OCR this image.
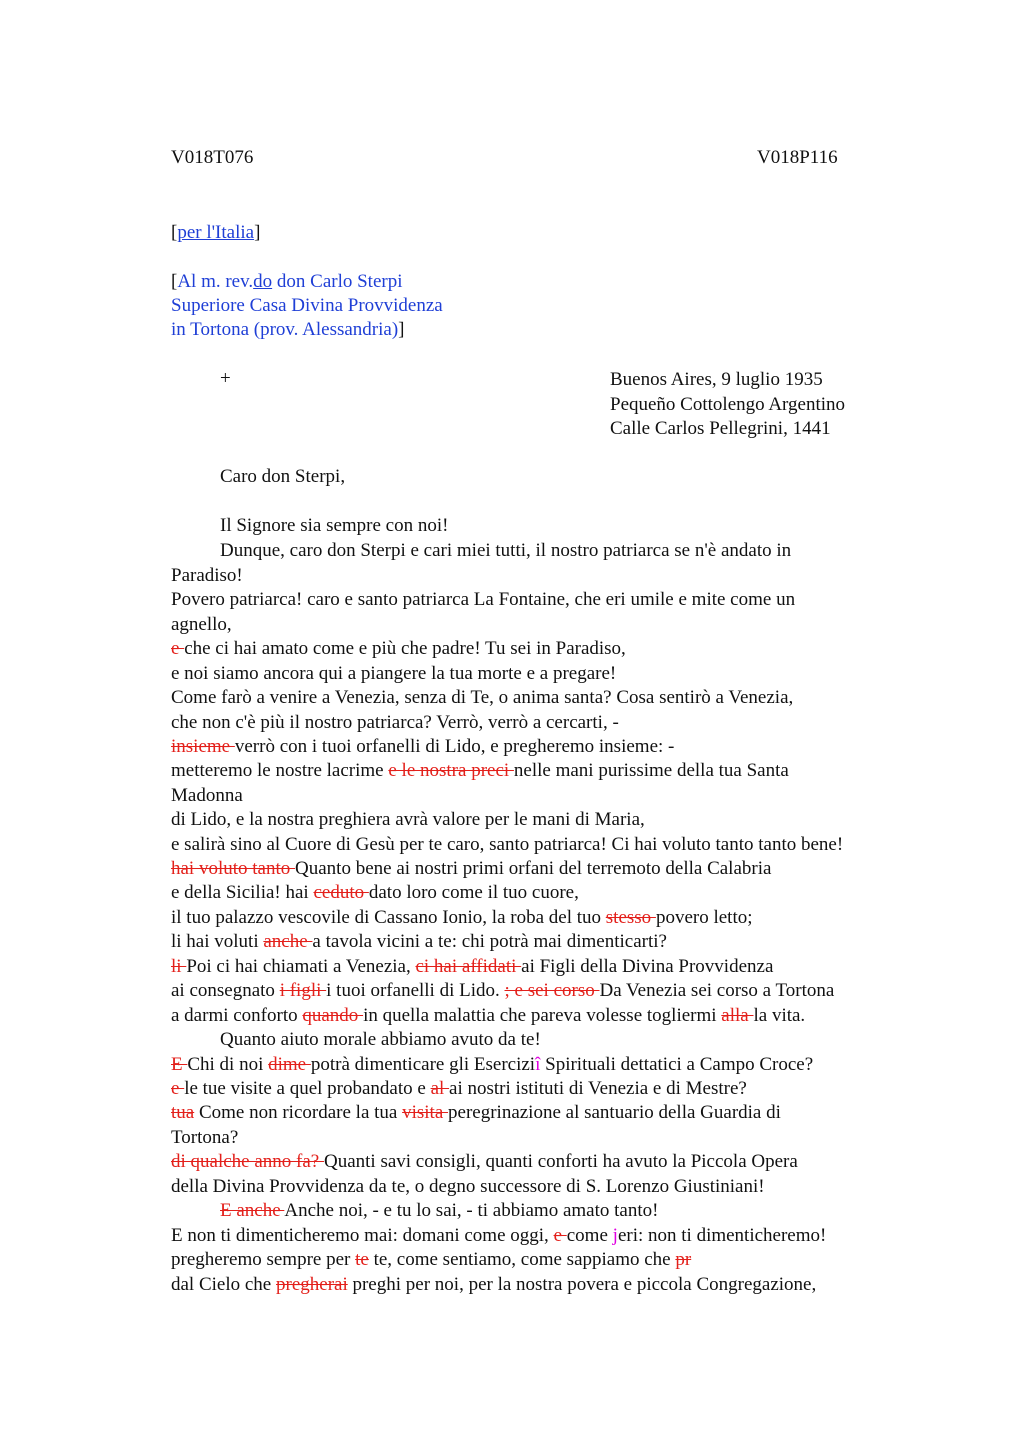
V018T076	V018P116
[per l'Italia]
[Al m. rev.do don Carlo Sterpi
Superiore Casa Divina Provvidenza
in Tortona (prov. Alessandria)]
+	Buenos Aires, 9 luglio 1935
Pequeño Cottolengo Argentino
Calle Carlos Pellegrini, 1441
Caro don Sterpi,
Il Signore sia sempre con noi!
Dunque, caro don Sterpi e cari miei tutti, il nostro patriarca se n'è andato in
Paradiso!
Povero patriarca! caro e santo patriarca La Fontaine, che eri umile e mite come un
agnello,
e che ci hai amato come e più che padre! Tu sei in Paradiso,
e noi siamo ancora qui a piangere la tua morte e a pregare!
Come farò a venire a Venezia, senza di Te, o anima santa? Cosa sentirò a Venezia,
che non c'è più il nostro patriarca? Verrò, verrò a cercarti, -
insieme verrò con i tuoi orfanelli di Lido, e pregheremo insieme: -
metteremo le nostre lacrime e le nostra preci nelle mani purissime della tua Santa
Madonna
di Lido, e la nostra preghiera avrà valore per le mani di Maria,
e salirà sino al Cuore di Gesù per te caro, santo patriarca! Ci hai voluto tanto tanto bene!
hai voluto tanto Quanto bene ai nostri primi orfani del terremoto della Calabria
e della Sicilia! hai ceduto dato loro come il tuo cuore,
il tuo palazzo vescovile di Cassano Ionio, la roba del tuo stesso povero letto;
li hai voluti anche a tavola vicini a te: chi potrà mai dimenticarti?
li Poi ci hai chiamati a Venezia, ci hai affidati ai Figli della Divina Provvidenza
ai consegnato i figli i tuoi orfanelli di Lido. ; e sei corso Da Venezia sei corso a Tortona
a darmi conforto quando in quella malattia che pareva volesse togliermi alla la vita.
Quanto aiuto morale abbiamo avuto da te!
E Chi di noi dime potrà dimenticare gli Eserciziî Spirituali dettatici a Campo Croce?
e le tue visite a quel probandato e al ai nostri istituti di Venezia e di Mestre?
tua Come non ricordare la tua visita peregrinazione al santuario della Guardia di
Tortona?
di qualche anno fa? Quanti savi consigli, quanti conforti ha avuto la Piccola Opera
della Divina Provvidenza da te, o degno successore di S. Lorenzo Giustiniani!
E anche Anche noi, - e tu lo sai, - ti abbiamo amato tanto!
E non ti dimenticheremo mai: domani come oggi, e come jeri: non ti dimenticheremo!
pregheremo sempre per te te, come sentiamo, come sappiamo che pr
dal Cielo che pregherai preghi per noi, per la nostra povera e piccola Congregazione,
